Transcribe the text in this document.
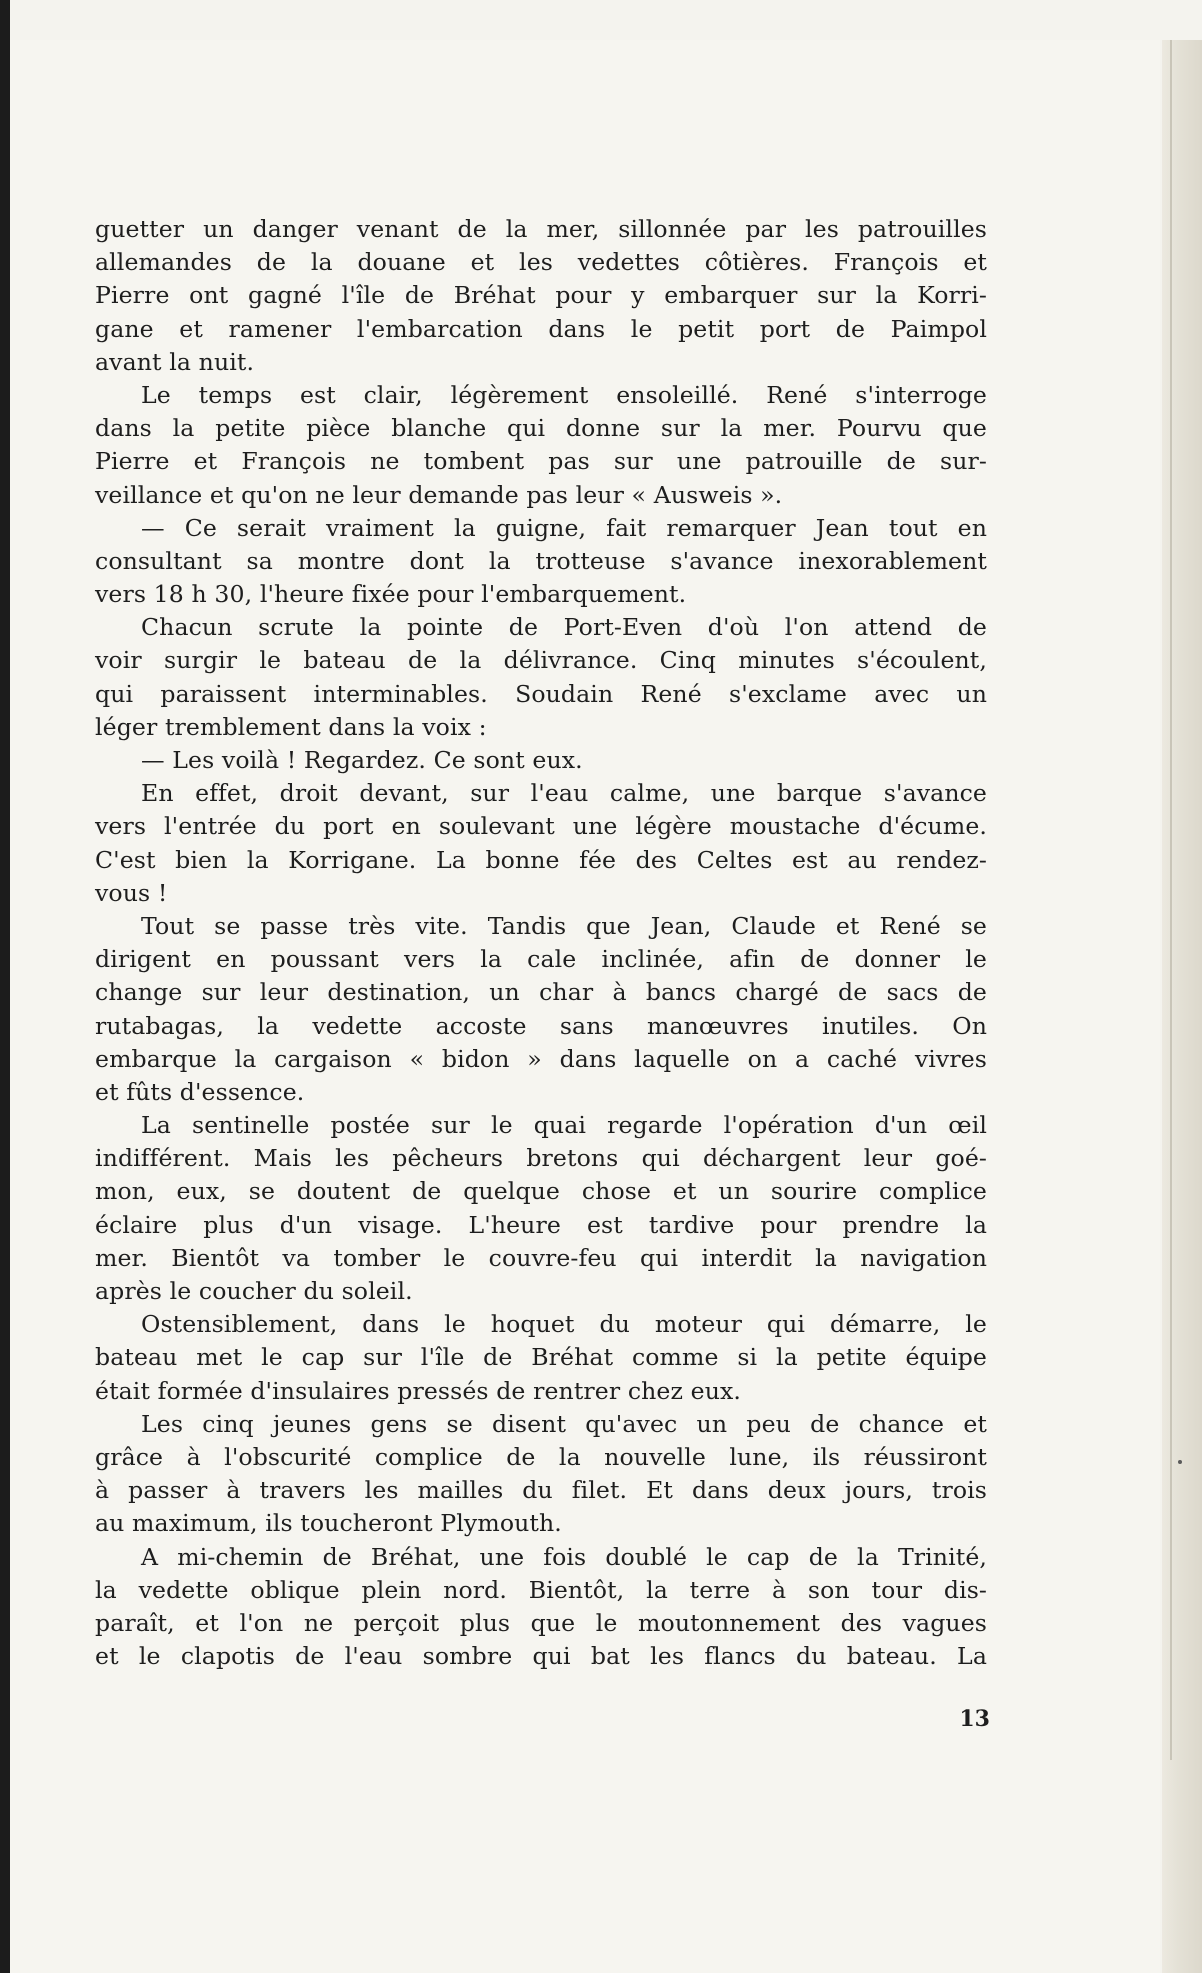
guetter un danger venant de la mer, sillonnée par les patrouilles
allemandes de la douane et les vedettes côtières. François et
Pierre ont gagné l'île de Bréhat pour y embarquer sur la Korri-
gane et ramener l'embarcation dans le petit port de Paimpol
avant la nuit.
Le temps est clair, légèrement ensoleillé. René s'interroge
dans la petite pièce blanche qui donne sur la mer. Pourvu que
Pierre et François ne tombent pas sur une patrouille de sur-
veillance et qu'on ne leur demande pas leur « Ausweis ».
— Ce serait vraiment la guigne, fait remarquer Jean tout en
consultant sa montre dont la trotteuse s'avance inexorablement
vers 18 h 30, l'heure fixée pour l'embarquement.
Chacun scrute la pointe de Port-Even d'où l'on attend de
voir surgir le bateau de la délivrance. Cinq minutes s'écoulent,
qui paraissent interminables. Soudain René s'exclame avec un
léger tremblement dans la voix :
— Les voilà ! Regardez. Ce sont eux.
En effet, droit devant, sur l'eau calme, une barque s'avance
vers l'entrée du port en soulevant une légère moustache d'écume.
C'est bien la Korrigane. La bonne fée des Celtes est au rendez-
vous !
Tout se passe très vite. Tandis que Jean, Claude et René se
dirigent en poussant vers la cale inclinée, afin de donner le
change sur leur destination, un char à bancs chargé de sacs de
rutabagas, la vedette accoste sans manœuvres inutiles. On
embarque la cargaison « bidon » dans laquelle on a caché vivres
et fûts d'essence.
La sentinelle postée sur le quai regarde l'opération d'un œil
indifférent. Mais les pêcheurs bretons qui déchargent leur goé-
mon, eux, se doutent de quelque chose et un sourire complice
éclaire plus d'un visage. L'heure est tardive pour prendre la
mer. Bientôt va tomber le couvre-feu qui interdit la navigation
après le coucher du soleil.
Ostensiblement, dans le hoquet du moteur qui démarre, le
bateau met le cap sur l'île de Bréhat comme si la petite équipe
était formée d'insulaires pressés de rentrer chez eux.
Les cinq jeunes gens se disent qu'avec un peu de chance et
grâce à l'obscurité complice de la nouvelle lune, ils réussiront
à passer à travers les mailles du filet. Et dans deux jours, trois
au maximum, ils toucheront Plymouth.
A mi-chemin de Bréhat, une fois doublé le cap de la Trinité,
la vedette oblique plein nord. Bientôt, la terre à son tour dis-
paraît, et l'on ne perçoit plus que le moutonnement des vagues
et le clapotis de l'eau sombre qui bat les flancs du bateau. La
13
